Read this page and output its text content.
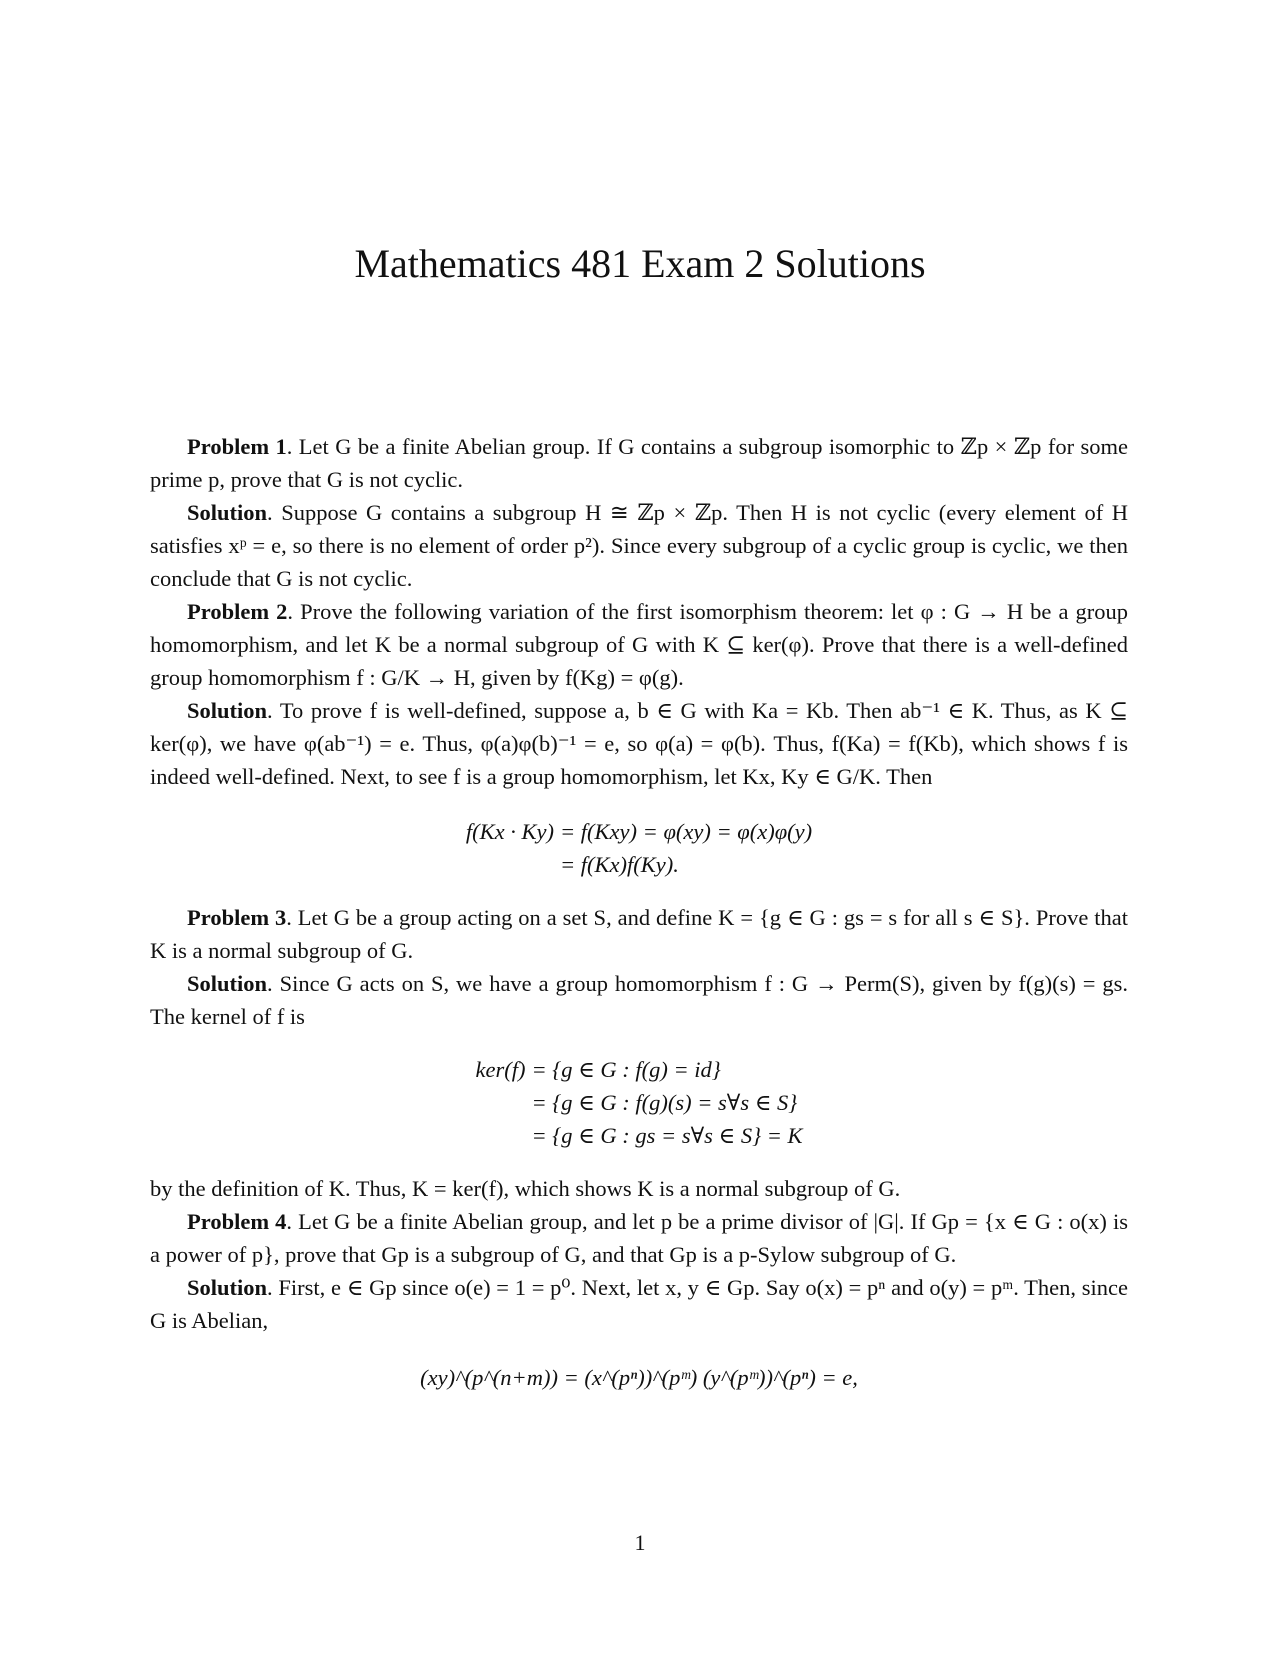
Mathematics 481 Exam 2 Solutions

Problem 1. Let G be a finite Abelian group. If G contains a subgroup isomorphic to ℤp × ℤp for some prime p, prove that G is not cyclic.

Solution. Suppose G contains a subgroup H ≅ ℤp × ℤp. Then H is not cyclic (every element of H satisfies xᵖ = e, so there is no element of order p²). Since every subgroup of a cyclic group is cyclic, we then conclude that G is not cyclic.

Problem 2. Prove the following variation of the first isomorphism theorem: let φ : G → H be a group homomorphism, and let K be a normal subgroup of G with K ⊆ ker(φ). Prove that there is a well-defined group homomorphism f : G/K → H, given by f(Kg) = φ(g).

Solution. To prove f is well-defined, suppose a, b ∈ G with Ka = Kb. Then ab⁻¹ ∈ K. Thus, as K ⊆ ker(φ), we have φ(ab⁻¹) = e. Thus, φ(a)φ(b)⁻¹ = e, so φ(a) = φ(b). Thus, f(Ka) = f(Kb), which shows f is indeed well-defined. Next, to see f is a group homomorphism, let Kx, Ky ∈ G/K. Then

f(Kx · Ky) = f(Kxy) = φ(xy) = φ(x)φ(y)
= f(Kx)f(Ky).

Problem 3. Let G be a group acting on a set S, and define K = {g ∈ G : gs = s for all s ∈ S}. Prove that K is a normal subgroup of G.

Solution. Since G acts on S, we have a group homomorphism f : G → Perm(S), given by f(g)(s) = gs. The kernel of f is

ker(f) = {g ∈ G : f(g) = id}
= {g ∈ G : f(g)(s) = s∀s ∈ S}
= {g ∈ G : gs = s∀s ∈ S} = K

by the definition of K. Thus, K = ker(f), which shows K is a normal subgroup of G.

Problem 4. Let G be a finite Abelian group, and let p be a prime divisor of |G|. If Gp = {x ∈ G : o(x) is a power of p}, prove that Gp is a subgroup of G, and that Gp is a p-Sylow subgroup of G.

Solution. First, e ∈ Gp since o(e) = 1 = p⁰. Next, let x, y ∈ Gp. Say o(x) = pⁿ and o(y) = pᵐ. Then, since G is Abelian,

(xy)^(p^(n+m)) = (x^(pⁿ))^(pᵐ) (y^(pᵐ))^(pⁿ) = e,
1
